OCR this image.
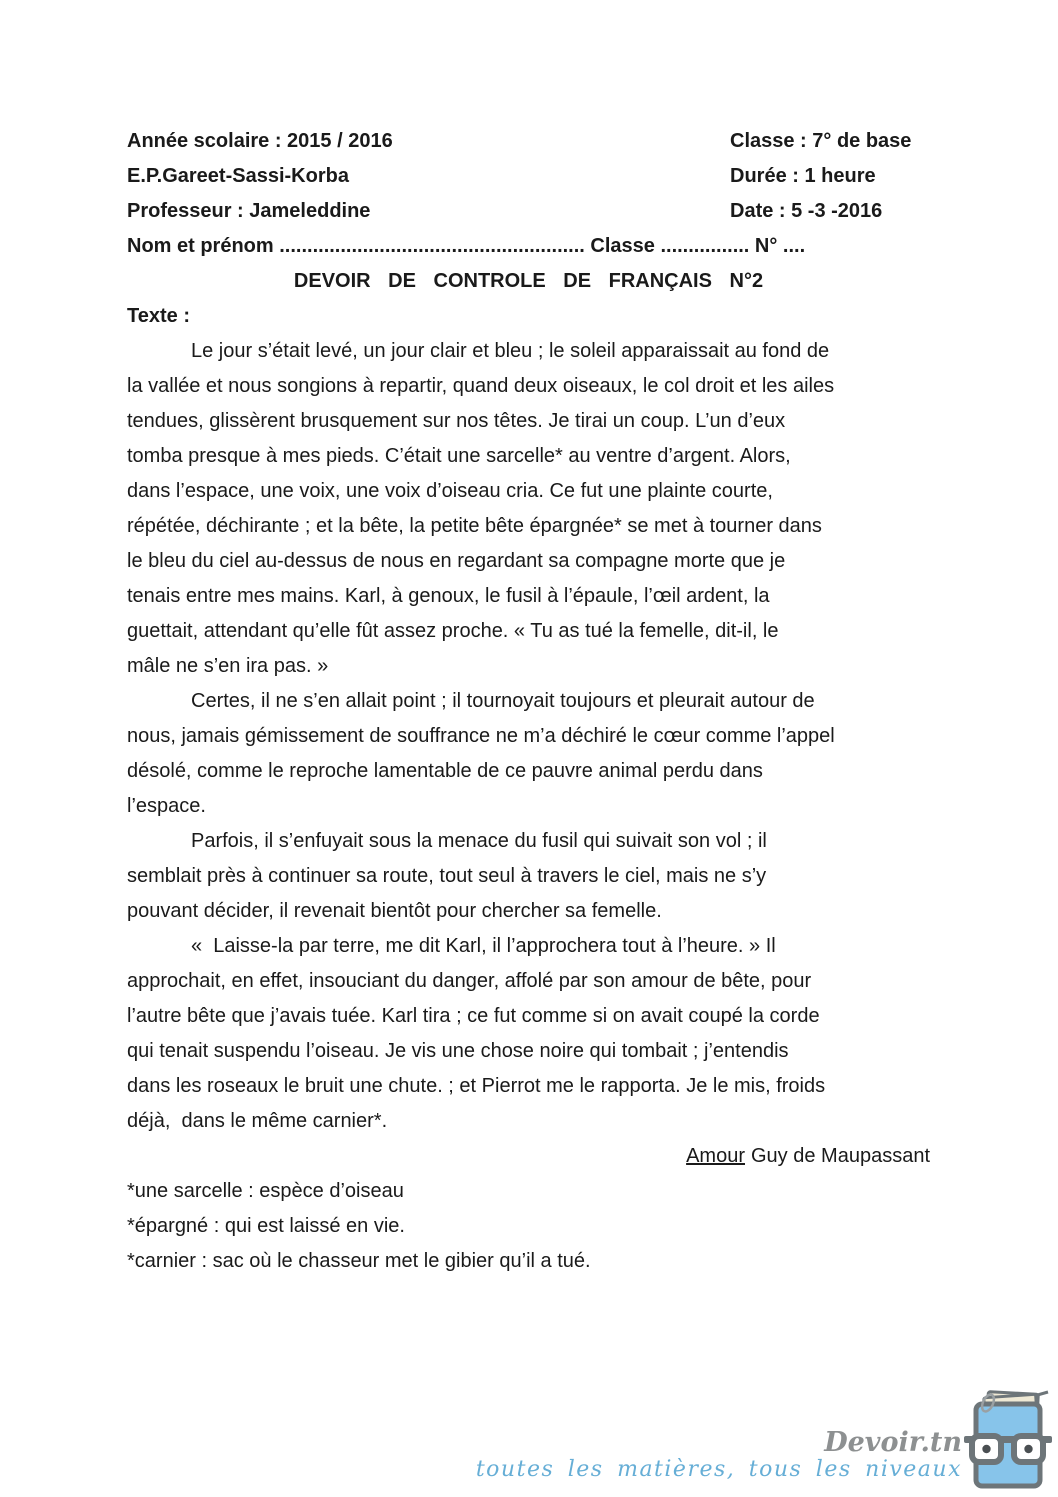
Année scolaire : 2015 / 2016	Classe : 7° de base
E.P.Gareet-Sassi-Korba	Durée : 1 heure
Professeur : Jameleddine	Date : 5 -3 -2016
Nom et prénom ....................................................... Classe ................ N° ....
DEVOIR DE CONTROLE DE FRANÇAIS N°2
Texte :
Le jour s’était levé, un jour clair et bleu ; le soleil apparaissait au fond de
la vallée et nous songions à repartir, quand deux oiseaux, le col droit et les ailes
tendues, glissèrent brusquement sur nos têtes. Je tirai un coup. L’un d’eux
tomba presque à mes pieds. C’était une sarcelle* au ventre d’argent. Alors,
dans l’espace, une voix, une voix d’oiseau cria. Ce fut une plainte courte,
répétée, déchirante ; et la bête, la petite bête épargnée* se met à tourner dans
le bleu du ciel au-dessus de nous en regardant sa compagne morte que je
tenais entre mes mains. Karl, à genoux, le fusil à l’épaule, l’œil ardent, la
guettait, attendant qu’elle fût assez proche. « Tu as tué la femelle, dit-il, le
mâle ne s’en ira pas. »
Certes, il ne s’en allait point ; il tournoyait toujours et pleurait autour de
nous, jamais gémissement de souffrance ne m’a déchiré le cœur comme l’appel
désolé, comme le reproche lamentable de ce pauvre animal perdu dans
l’espace.
Parfois, il s’enfuyait sous la menace du fusil qui suivait son vol ; il
semblait près à continuer sa route, tout seul à travers le ciel, mais ne s’y
pouvant décider, il revenait bientôt pour chercher sa femelle.
«  Laisse-la par terre, me dit Karl, il l’approchera tout à l’heure. » Il
approchait, en effet, insouciant du danger, affolé par son amour de bête, pour
l’autre bête que j’avais tuée. Karl tira ; ce fut comme si on avait coupé la corde
qui tenait suspendu l’oiseau. Je vis une chose noire qui tombait ; j’entendis
dans les roseaux le bruit une chute. ; et Pierrot me le rapporta. Je le mis, froids
déjà,  dans le même carnier*.
Amour Guy de Maupassant
*une sarcelle : espèce d’oiseau
*épargné : qui est laissé en vie.
*carnier : sac où le chasseur met le gibier qu’il a tué.
Devoir.tn
toutes les matières, tous les niveaux
